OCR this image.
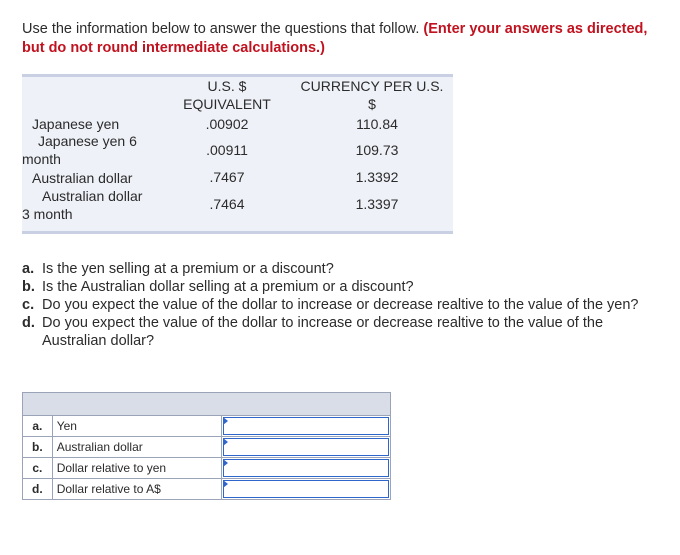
Use the information below to answer the questions that follow. (Enter your answers as directed, but do not round intermediate calculations.)
U.S. $
EQUIVALENT
CURRENCY PER U.S.
$
Japanese yen	.00902	110.84
Japanese yen 6
month
.00911	109.73
Australian dollar	.7467	1.3392
Australian dollar
3 month
.7464	1.3397
a. Is the yen selling at a premium or a discount?
b. Is the Australian dollar selling at a premium or a discount?
c. Do you expect the value of the dollar to increase or decrease realtive to the value of the yen?
d. Do you expect the value of the dollar to increase or decrease realtive to the value of the Australian dollar?

a.	Yen	

b.	Australian dollar	

c.	Dollar relative to yen	

d.	Dollar relative to A$	
